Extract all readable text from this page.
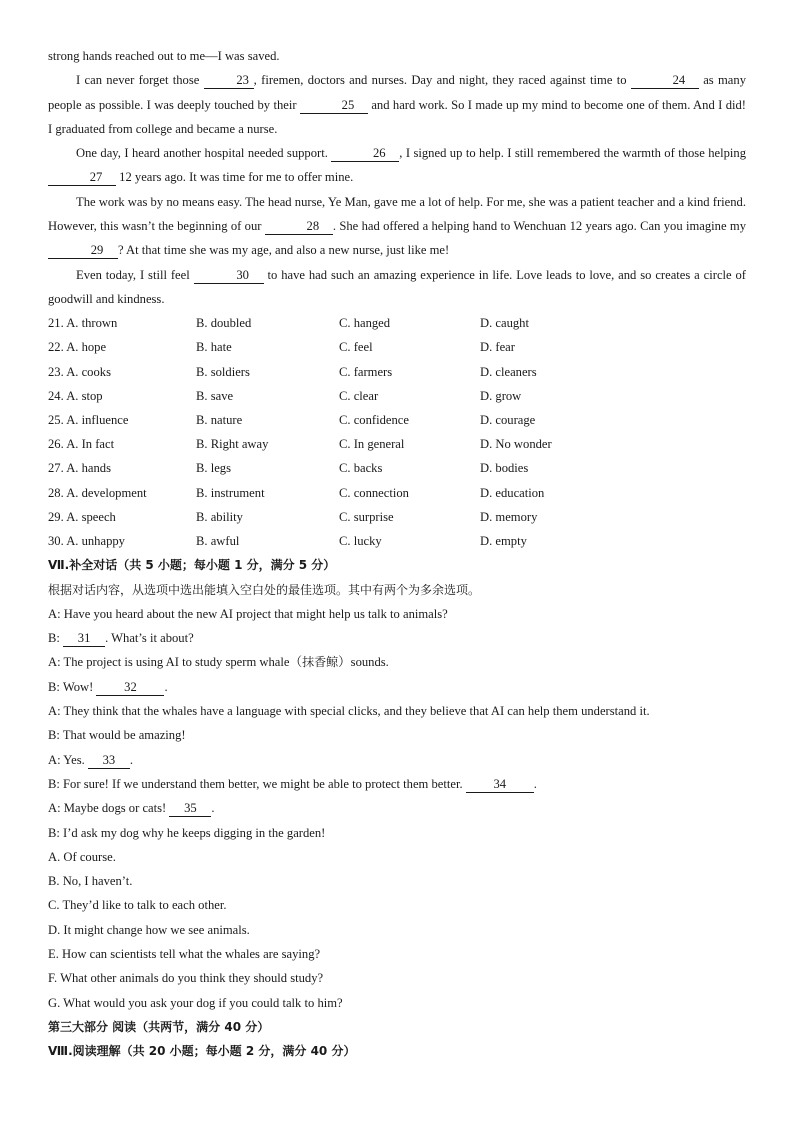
strong hands reached out to me—I was saved.
I can never forget those	23 , firemen, doctors and nurses. Day and night, they raced against time to	24 as many people as possible. I was deeply touched by their	25 and hard work. So I made up my mind to become one of them. And I did! I graduated from college and became a nurse.
One day, I heard another hospital needed support.	26 , I signed up to help. I still remembered the warmth of those helping 27 12 years ago. It was time for me to offer mine.
The work was by no means easy. The head nurse, Ye Man, gave me a lot of help. For me, she was a patient teacher and a kind friend. However, this wasn’t the beginning of our	28 . She had offered a helping hand to Wenchuan 12 years ago. Can you imagine my 29 ? At that time she was my age, and also a new nurse, just like me!
Even today, I still feel	30 to have had such an amazing experience in life. Love leads to love, and so creates a circle of goodwill and kindness.
21. A. thrown	B. doubled	C. hanged	D. caught
22. A. hope	B. hate	C. feel	D. fear
23. A. cooks	B. soldiers	C. farmers	D. cleaners
24. A. stop	B. save	C. clear	D. grow
25. A. influence	B. nature	C. confidence	D. courage
26. A. In fact	B. Right away	C. In general	D. No wonder
27. A. hands	B. legs	C. backs	D. bodies
28. A. development	B. instrument	C. connection	D. education
29. A. speech	B. ability	C. surprise	D. memory
30. A. unhappy	B. awful	C. lucky	D. empty
Ⅶ.补全对话（共 5 小题；每小题 1 分，满分 5 分）
根据对话内容，从选项中选出能填入空白处的最佳选项。其中有两个为多余选项。
A: Have you heard about the new AI project that might help us talk to animals?
B: 31 . What’s it about?
A: The project is using AI to study sperm whale（抹香鲸）sounds.
B: Wow! 32 .
A: They think that the whales have a language with special clicks, and they believe that AI can help them understand it.
B: That would be amazing!
A: Yes. 33 .
B: For sure! If we understand them better, we might be able to protect them better. 34 .
A: Maybe dogs or cats! 35 .
B: I’d ask my dog why he keeps digging in the garden!
A. Of course.
B. No, I haven’t.
C. They’d like to talk to each other.
D. It might change how we see animals.
E. How can scientists tell what the whales are saying?
F. What other animals do you think they should study?
G. What would you ask your dog if you could talk to him?
第三大部分 阅读（共两节，满分 40 分）
Ⅷ.阅读理解（共 20 小题；每小题 2 分，满分 40 分）
